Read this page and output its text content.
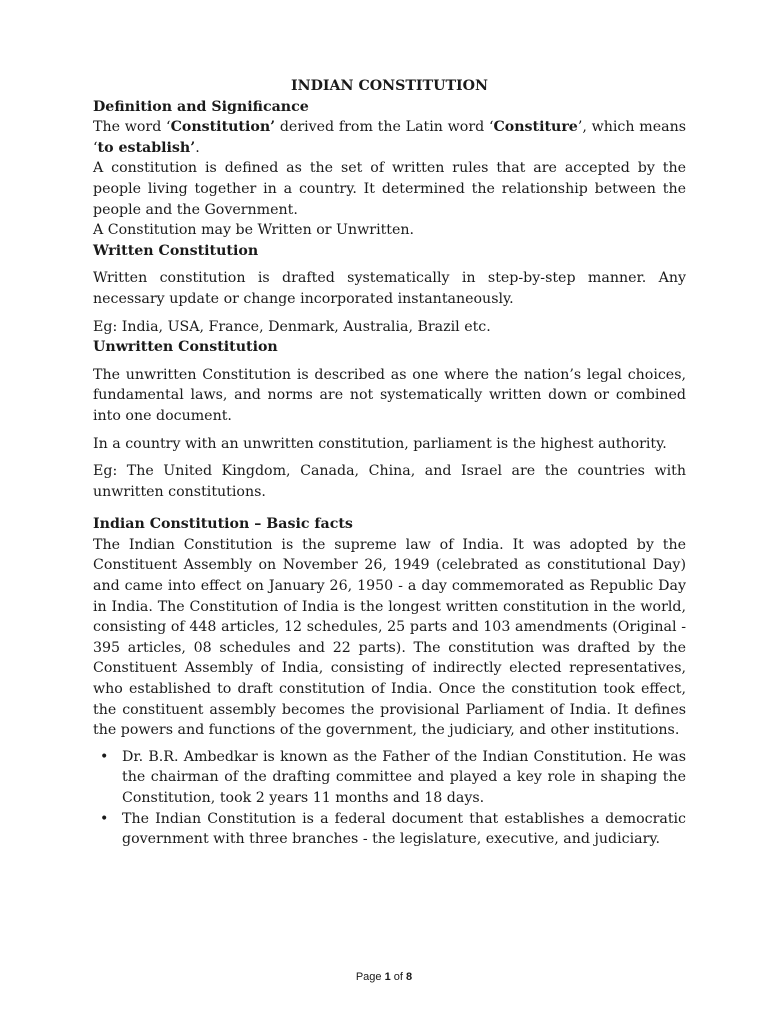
INDIAN CONSTITUTION

Definition and Significance

The word ‘Constitution’ derived from the Latin word ‘Constiture’, which means ‘to establish’.

A constitution is defined as the set of written rules that are accepted by the people living together in a country. It determined the relationship between the people and the Government.

A Constitution may be Written or Unwritten.

Written Constitution

Written constitution is drafted systematically in step-by-step manner. Any necessary update or change incorporated instantaneously.

Eg: India, USA, France, Denmark, Australia, Brazil etc.

Unwritten Constitution

The unwritten Constitution is described as one where the nation’s legal choices, fundamental laws, and norms are not systematically written down or combined into one document.

In a country with an unwritten constitution, parliament is the highest authority.

Eg: The United Kingdom, Canada, China, and Israel are the countries with unwritten constitutions.

Indian Constitution – Basic facts

The Indian Constitution is the supreme law of India. It was adopted by the Constituent Assembly on November 26, 1949 (celebrated as constitutional Day) and came into effect on January 26, 1950 - a day commemorated as Republic Day in India. The Constitution of India is the longest written constitution in the world, consisting of 448 articles, 12 schedules, 25 parts and 103 amendments (Original - 395 articles, 08 schedules and 22 parts). The constitution was drafted by the Constituent Assembly of India, consisting of indirectly elected representatives, who established to draft constitution of India. Once the constitution took effect, the constituent assembly becomes the provisional Parliament of India. It defines the powers and functions of the government, the judiciary, and other institutions.

• Dr. B.R. Ambedkar is known as the Father of the Indian Constitution. He was the chairman of the drafting committee and played a key role in shaping the Constitution, took 2 years 11 months and 18 days.
• The Indian Constitution is a federal document that establishes a democratic government with three branches - the legislature, executive, and judiciary.
Page 1 of 8
